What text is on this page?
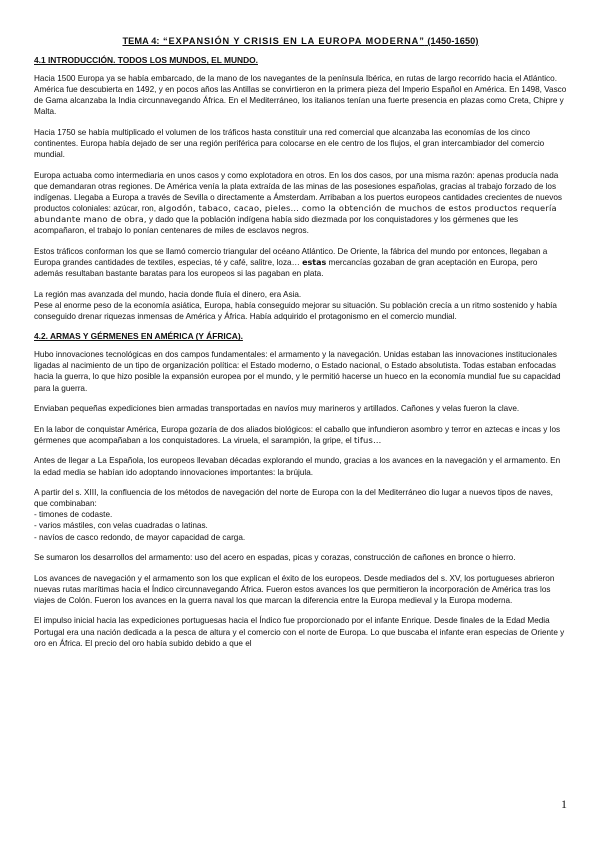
TEMA 4: “EXPANSIÓN Y CRISIS EN LA EUROPA MODERNA” (1450-1650)
4.1 INTRODUCCIÓN. TODOS LOS MUNDOS, EL MUNDO.

Hacia 1500 Europa ya se había embarcado, de la mano de los navegantes de la península Ibérica, en rutas de largo recorrido hacia el Atlántico. América fue descubierta en 1492, y en pocos años las Antillas se convirtieron en la primera pieza del Imperio Español en América. En 1498, Vasco de Gama alcanzaba la India circunnavegando África. En el Mediterráneo, los italianos tenían una fuerte presencia en plazas como Creta, Chipre y Malta.

Hacia 1750 se había multiplicado el volumen de los tráficos hasta constituir una red comercial que alcanzaba las economías de los cinco continentes. Europa había dejado de ser una región periférica para colocarse en ele centro de los flujos, el gran intercambiador del comercio mundial.

Europa actuaba como intermediaria en unos casos y como explotadora en otros. En los dos casos, por una misma razón: apenas producía nada que demandaran otras regiones. De América venía la plata extraída de las minas de las posesiones españolas, gracias al trabajo forzado de los indígenas. Llegaba a Europa a través de Sevilla o directamente a Ámsterdam. Arribaban a los puertos europeos cantidades crecientes de nuevos productos coloniales: azúcar, ron, algodón, tabaco, cacao, pieles… como la obtención de muchos de estos productos requería abundante mano de obra, y dado que la población indígena había sido diezmada por los conquistadores y los gérmenes que les acompañaron, el trabajo lo ponían centenares de miles de esclavos negros.

Estos tráficos conforman los que se llamó comercio triangular del océano Atlántico. De Oriente, la fábrica del mundo por entonces, llegaban a Europa grandes cantidades de textiles, especias, té y café, salitre, loza… estas mercancías gozaban de gran aceptación en Europa, pero además resultaban bastante baratas para los europeos si las pagaban en plata.

La región mas avanzada del mundo, hacia donde fluía el dinero, era Asia.

Pese al enorme peso de la economía asiática, Europa, había conseguido mejorar su situación. Su población crecía a un ritmo sostenido y había conseguido drenar riquezas inmensas de América y África. Había adquirido el protagonismo en el comercio mundial.

4.2. ARMAS Y GÉRMENES EN AMÉRICA (Y ÁFRICA).

Hubo innovaciones tecnológicas en dos campos fundamentales: el armamento y la navegación. Unidas estaban las innovaciones institucionales ligadas al nacimiento de un tipo de organización política: el Estado moderno, o Estado nacional, o Estado absolutista. Todas estaban enfocadas hacia la guerra, lo que hizo posible la expansión europea por el mundo, y le permitió hacerse un hueco en la economía mundial fue su capacidad para la guerra.

Enviaban pequeñas expediciones bien armadas transportadas en navíos muy marineros y artillados. Cañones y velas fueron la clave.

En la labor de conquistar América, Europa gozaría de dos aliados biológicos: el caballo que infundieron asombro y terror en aztecas e incas y los gérmenes que acompañaban a los conquistadores. La viruela, el sarampión, la gripe, el tifus…

Antes de llegar a La Española, los europeos llevaban décadas explorando el mundo, gracias a los avances en la navegación y el armamento. En la edad media se habían ido adoptando innovaciones importantes: la brújula.

A partir del s. XIII, la confluencia de los métodos de navegación del norte de Europa con la del Mediterráneo dio lugar a nuevos tipos de naves, que combinaban:

- timones de codaste.

- varios mástiles, con velas cuadradas o latinas.

- navíos de casco redondo, de mayor capacidad de carga.

Se sumaron los desarrollos del armamento: uso del acero en espadas, picas y corazas, construcción de cañones en bronce o hierro.

Los avances de navegación y el armamento son los que explican el éxito de los europeos. Desde mediados del s. XV, los portugueses abrieron nuevas rutas marítimas hacia el Índico circunnavegando África. Fueron estos avances los que permitieron la incorporación de América tras los viajes de Colón. Fueron los avances en la guerra naval los que marcan la diferencia entre la Europa medieval y la Europa moderna.

El impulso inicial hacia las expediciones portuguesas hacia el Índico fue proporcionado por el infante Enrique. Desde finales de la Edad Media Portugal era una nación dedicada a la pesca de altura y el comercio con el norte de Europa. Lo que buscaba el infante eran especias de Oriente y oro en África. El precio del oro había subido debido a que el

1
